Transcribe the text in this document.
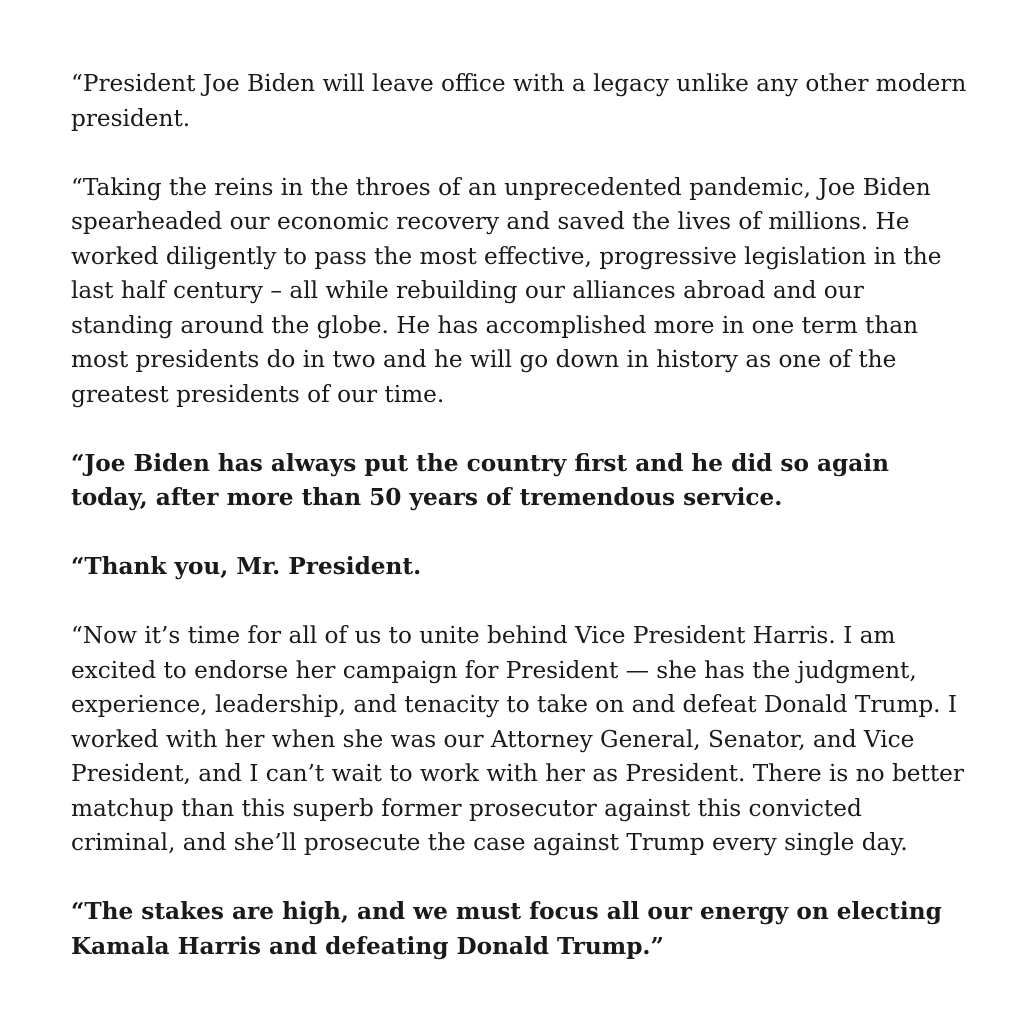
“President Joe Biden will leave office with a legacy unlike any other modern president.

“Taking the reins in the throes of an unprecedented pandemic, Joe Biden spearheaded our economic recovery and saved the lives of millions. He worked diligently to pass the most effective, progressive legislation in the last half century – all while rebuilding our alliances abroad and our standing around the globe. He has accomplished more in one term than most presidents do in two and he will go down in history as one of the greatest presidents of our time.

“Joe Biden has always put the country first and he did so again today, after more than 50 years of tremendous service.

“Thank you, Mr. President.

“Now it’s time for all of us to unite behind Vice President Harris. I am excited to endorse her campaign for President — she has the judgment, experience, leadership, and tenacity to take on and defeat Donald Trump. I worked with her when she was our Attorney General, Senator, and Vice President, and I can’t wait to work with her as President. There is no better matchup than this superb former prosecutor against this convicted criminal, and she’ll prosecute the case against Trump every single day.

“The stakes are high, and we must focus all our energy on electing Kamala Harris and defeating Donald Trump.”
